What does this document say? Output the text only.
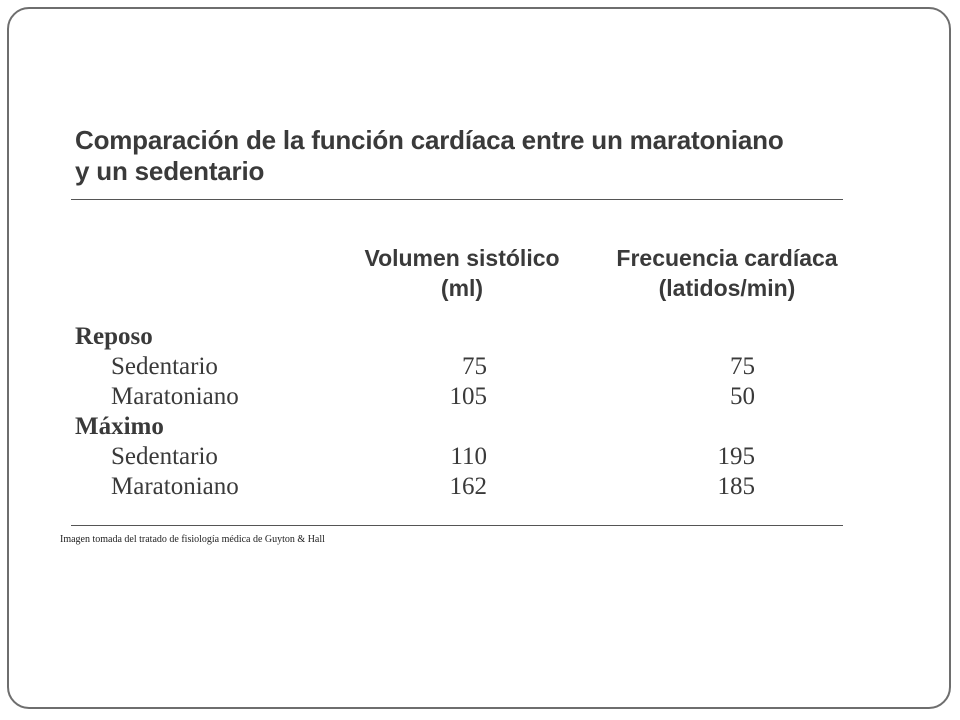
Comparación de la función cardíaca entre un maratoniano
y un sedentario
Volumen sistólico
(ml)
Frecuencia cardíaca
(latidos/min)
Reposo
Sedentario	75	75
Maratoniano	105	50
Máximo
Sedentario	110	195
Maratoniano	162	185

Imagen tomada del tratado de fisiología médica de Guyton & Hall
